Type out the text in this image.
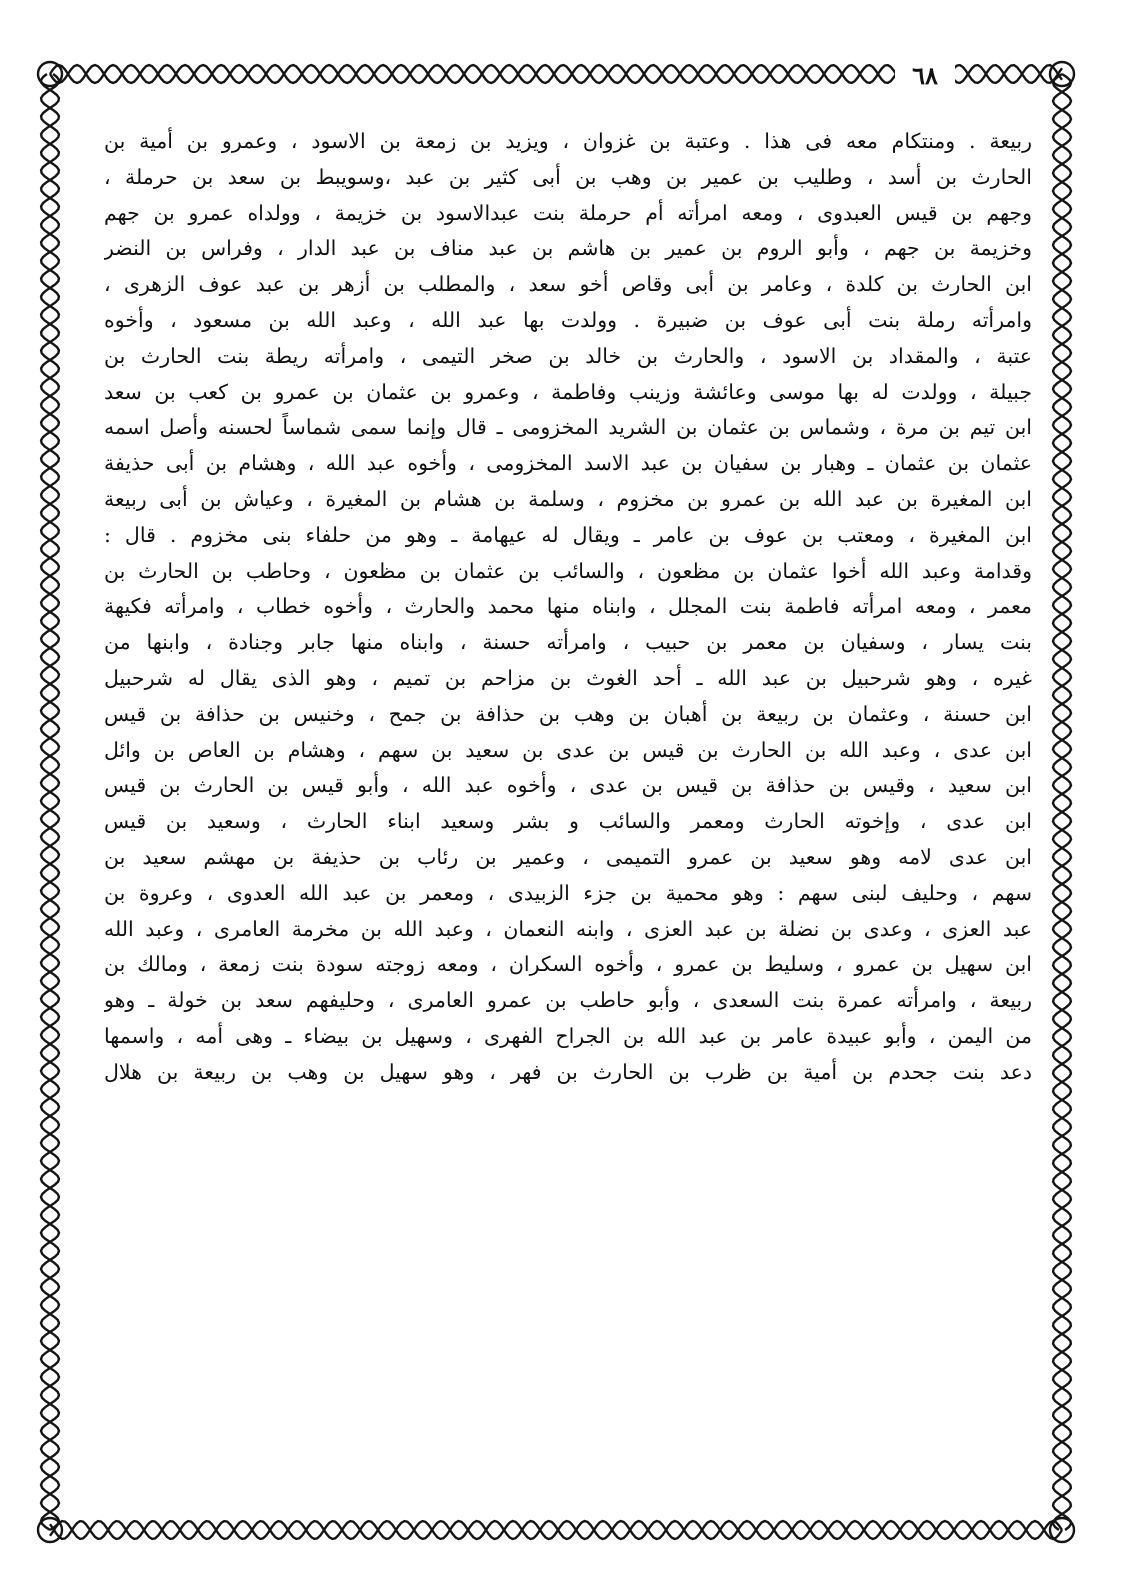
٦٨
ربيعة . ومنتكام معه فى هذا . وعتبة بن غزوان ، ويزيد بن زمعة بن الاسود ، وعمرو بن أمية بن
الحارث بن أسد ، وطليب بن عمير بن وهب بن أبى كثير بن عبد ،وسويبط بن سعد بن حرملة ،
وجهم بن قيس العبدوى ، ومعه امرأته أم حرملة بنت عبدالاسود بن خزيمة ، وولداه عمرو بن جهم
وخزيمة بن جهم ، وأبو الروم بن عمير بن هاشم بن عبد مناف بن عبد الدار ، وفراس بن النضر
ابن الحارث بن كلدة ، وعامر بن أبى وقاص أخو سعد ، والمطلب بن أزهر بن عبد عوف الزهرى ،
وامرأته رملة بنت أبى عوف بن ضبيرة . وولدت بها عبد الله ، وعبد الله بن مسعود ، وأخوه
عتبة ، والمقداد بن الاسود ، والحارث بن خالد بن صخر التيمى ، وامرأته ريطة بنت الحارث بن
جبيلة ، وولدت له بها موسى وعائشة وزينب وفاطمة ، وعمرو بن عثمان بن عمرو بن كعب بن سعد
ابن تيم بن مرة ، وشماس بن عثمان بن الشريد المخزومى ـ قال وإنما سمى شماساً لحسنه وأصل اسمه
عثمان بن عثمان ـ وهبار بن سفيان بن عبد الاسد المخزومى ، وأخوه عبد الله ، وهشام بن أبى حذيفة
ابن المغيرة بن عبد الله بن عمرو بن مخزوم ، وسلمة بن هشام بن المغيرة ، وعياش بن أبى ربيعة
ابن المغيرة ، ومعتب بن عوف بن عامر ـ ويقال له عيهامة ـ وهو من حلفاء بنى مخزوم . قال :
وقدامة وعبد الله أخوا عثمان بن مظعون ، والسائب بن عثمان بن مظعون ، وحاطب بن الحارث بن
معمر ، ومعه امرأته فاطمة بنت المجلل ، وابناه منها محمد والحارث ، وأخوه خطاب ، وامرأته فكيهة
بنت يسار ، وسفيان بن معمر بن حبيب ، وامرأته حسنة ، وابناه منها جابر وجنادة ، وابنها من
غيره ، وهو شرحبيل بن عبد الله ـ أحد الغوث بن مزاحم بن تميم ، وهو الذى يقال له شرحبيل
ابن حسنة ، وعثمان بن ربيعة بن أهبان بن وهب بن حذافة بن جمح ، وخنيس بن حذافة بن قيس
ابن عدى ، وعبد الله بن الحارث بن قيس بن عدى بن سعيد بن سهم ، وهشام بن العاص بن وائل
ابن سعيد ، وقيس بن حذافة بن قيس بن عدى ، وأخوه عبد الله ، وأبو قيس بن الحارث بن قيس
ابن عدى ، وإخوته الحارث ومعمر والسائب و بشر وسعيد ابناء الحارث ، وسعيد بن قيس
ابن عدى لامه وهو سعيد بن عمرو التميمى ، وعمير بن رئاب بن حذيفة بن مهشم سعيد بن
سهم ، وحليف لبنى سهم : وهو محمية بن جزء الزبيدى ، ومعمر بن عبد الله العدوى ، وعروة بن
عبد العزى ، وعدى بن نضلة بن عبد العزى ، وابنه النعمان ، وعبد الله بن مخرمة العامرى ، وعبد الله
ابن سهيل بن عمرو ، وسليط بن عمرو ، وأخوه السكران ، ومعه زوجته سودة بنت زمعة ، ومالك بن
ربيعة ، وامرأته عمرة بنت السعدى ، وأبو حاطب بن عمرو العامرى ، وحليفهم سعد بن خولة ـ وهو
من اليمن ، وأبو عبيدة عامر بن عبد الله بن الجراح الفهرى ، وسهيل بن بيضاء ـ وهى أمه ، واسمها
دعد بنت جحدم بن أمية بن ظرب بن الحارث بن فهر ، وهو سهيل بن وهب بن ربيعة بن هلال
